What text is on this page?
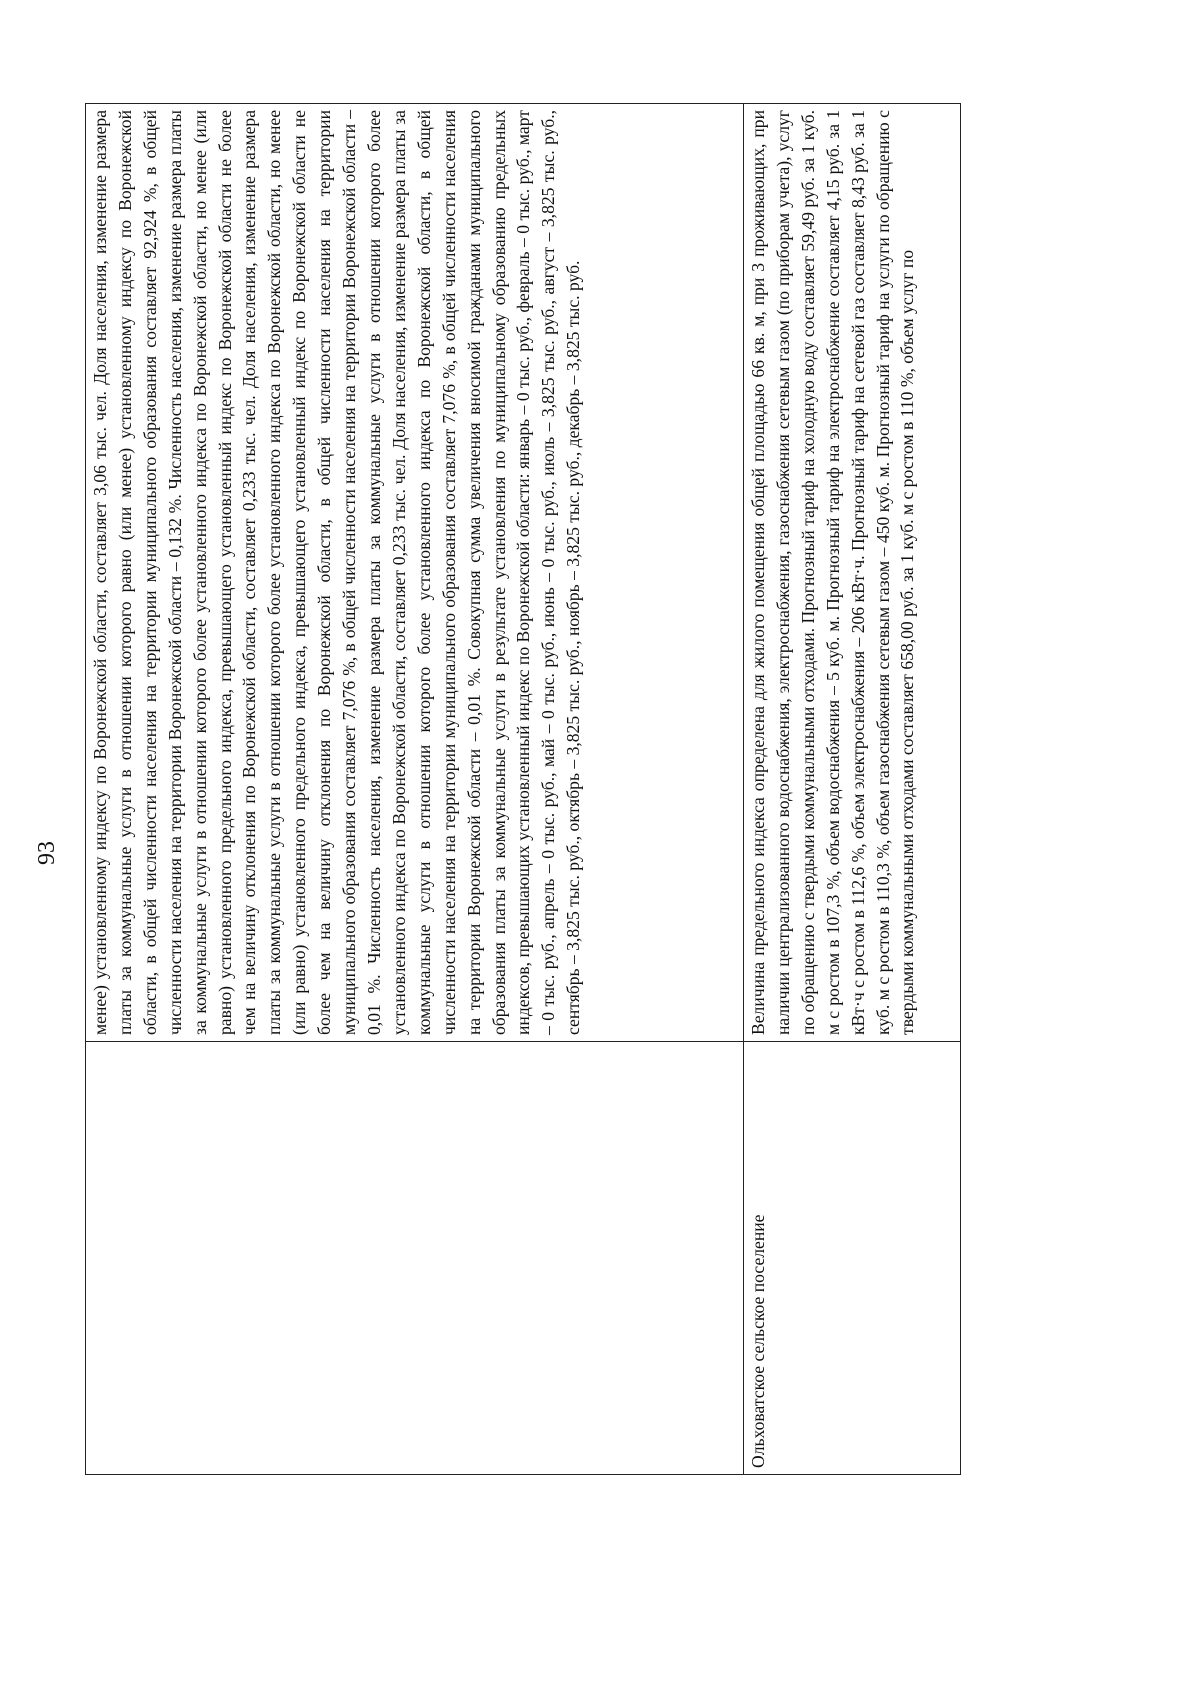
93

	менее) установленному индексу по Воронежской области, составляет 3,06 тыс. чел. Доля населения, изменение размера платы за коммунальные услуги в отношении которого равно (или менее) установленному индексу по Воронежской области, в общей численности населения на территории муниципального образования составляет 92,924 %, в общей численности населения на территории Воронежской области – 0,132 %. Численность населения, изменение размера платы за коммунальные услуги в отношении которого более установленного индекса по Воронежской области, но менее (или равно) установленного предельного индекса, превышающего установленный индекс по Воронежской области не более чем на величину отклонения по Воронежской области, составляет 0,233 тыс. чел. Доля населения, изменение размера платы за коммунальные услуги в отношении которого более установленного индекса по Воронежской области, но менее (или равно) установленного предельного индекса, превышающего установленный индекс по Воронежской области не более чем на величину отклонения по Воронежской области, в общей численности населения на территории муниципального образования составляет 7,076 %, в общей численности населения на территории Воронежской области – 0,01 %. Численность населения, изменение размера платы за коммунальные услуги в отношении которого более установленного индекса по Воронежской области, составляет 0,233 тыс. чел. Доля населения, изменение размера платы за коммунальные услуги в отношении которого более установленного индекса по Воронежской области, в общей численности населения на территории муниципального образования составляет 7,076 %, в общей численности населения на территории Воронежской области – 0,01 %. Совокупная сумма увеличения вносимой гражданами муниципального образования платы за коммунальные услуги в результате установления по муниципальному образованию предельных индексов, превышающих установленный индекс по Воронежской области: январь – 0 тыс. руб., февраль – 0 тыс. руб., март – 0 тыс. руб., апрель – 0 тыс. руб., май – 0 тыс. руб., июнь – 0 тыс. руб., июль – 3,825 тыс. руб., август – 3,825 тыс. руб., сентябрь – 3,825 тыс. руб., октябрь – 3,825 тыс. руб., ноябрь – 3,825 тыс. руб., декабрь – 3,825 тыс. руб.

Ольховатское сельское поселение	Величина предельного индекса определена для жилого помещения общей площадью 66 кв. м, при 3 проживающих, при наличии централизованного водоснабжения, электроснабжения, газоснабжения сетевым газом (по приборам учета), услуг по обращению с твердыми коммунальными отходами. Прогнозный тариф на холодную воду составляет 59,49 руб. за 1 куб. м с ростом в 107,3 %, объем водоснабжения – 5 куб. м. Прогнозный тариф на электроснабжение составляет 4,15 руб. за 1 кВт·ч с ростом в 112,6 %, объем электроснабжения – 206 кВт·ч. Прогнозный тариф на сетевой газ составляет 8,43 руб. за 1 куб. м с ростом в 110,3 %, объем газоснабжения сетевым газом – 450 куб. м. Прогнозный тариф на услуги по обращению с твердыми коммунальными отходами составляет 658,00 руб. за 1 куб. м с ростом в 110 %, объем услуг по
